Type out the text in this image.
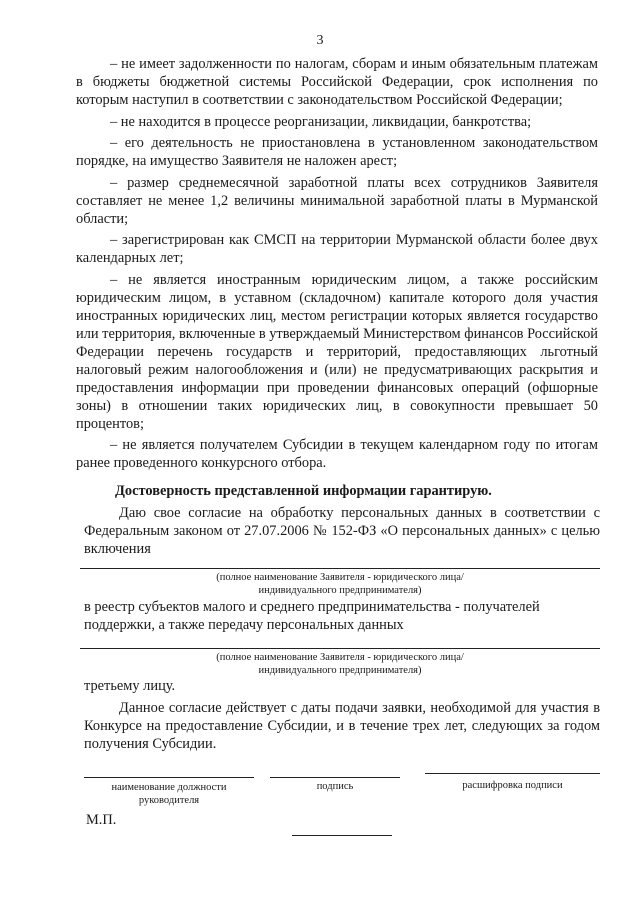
3

– не имеет задолженности по налогам, сборам и иным обязательным платежам в бюджеты бюджетной системы Российской Федерации, срок исполнения по которым наступил в соответствии с законодательством Российской Федерации;

– не находится в процессе реорганизации, ликвидации, банкротства;

– его деятельность не приостановлена в установленном законодательством порядке, на имущество Заявителя не наложен арест;

– размер среднемесячной заработной платы всех сотрудников Заявителя составляет не менее 1,2 величины минимальной заработной платы в Мурманской области;

– зарегистрирован как СМСП на территории Мурманской области более двух календарных лет;

– не является иностранным юридическим лицом, а также российским юридическим лицом, в уставном (складочном) капитале которого доля участия иностранных юридических лиц, местом регистрации которых является государство или территория, включенные в утверждаемый Министерством финансов Российской Федерации перечень государств и территорий, предоставляющих льготный налоговый режим налогообложения и (или) не предусматривающих раскрытия и предоставления информации при проведении финансовых операций (офшорные зоны) в отношении таких юридических лиц, в совокупности превышает 50 процентов;

– не является получателем Субсидии в текущем календарном году по итогам ранее проведенного конкурсного отбора.

Достоверность представленной информации гарантирую.
Даю свое согласие на обработку персональных данных в соответствии с Федеральным законом от 27.07.2006 № 152-ФЗ «О персональных данных» с целью включения
(полное наименование Заявителя - юридического лица/
индивидуального предпринимателя)
в реестр субъектов малого и среднего предпринимательства - получателей поддержки, а также передачу персональных данных
(полное наименование Заявителя - юридического лица/
индивидуального предпринимателя)
третьему лицу.
Данное согласие действует с даты подачи заявки, необходимой для участия в Конкурсе на предоставление Субсидии, и в течение трех лет, следующих за годом получения Субсидии.
наименование должности
руководителя
подпись	расшифровка подписи
М.П.
